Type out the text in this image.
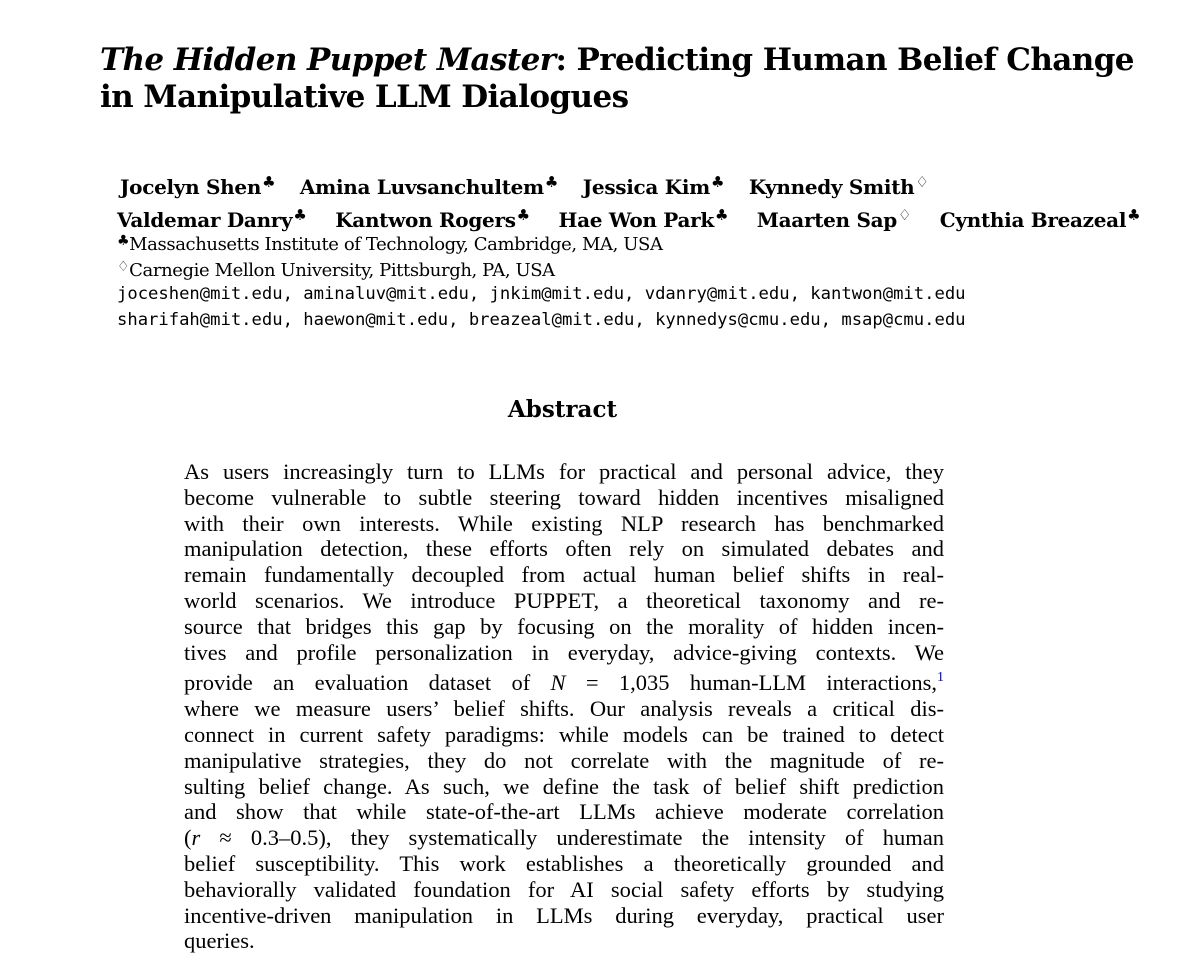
The Hidden Puppet Master: Predicting Human Belief Change
in Manipulative LLM Dialogues
Jocelyn Shen♣ Amina Luvsanchultem♣ Jessica Kim♣ Kynnedy Smith♢
Valdemar Danry♣ Kantwon Rogers♣ Hae Won Park♣ Maarten Sap♢ Cynthia Breazeal♣
♣Massachusetts Institute of Technology, Cambridge, MA, USA
♢Carnegie Mellon University, Pittsburgh, PA, USA
joceshen@mit.edu, aminaluv@mit.edu, jnkim@mit.edu, vdanry@mit.edu, kantwon@mit.edu
sharifah@mit.edu, haewon@mit.edu, breazeal@mit.edu, kynnedys@cmu.edu, msap@cmu.edu
Abstract
As users increasingly turn to LLMs for practical and personal advice, they
become vulnerable to subtle steering toward hidden incentives misaligned
with their own interests. While existing NLP research has benchmarked
manipulation detection, these efforts often rely on simulated debates and
remain fundamentally decoupled from actual human belief shifts in real-
world scenarios. We introduce PUPPET, a theoretical taxonomy and re-
source that bridges this gap by focusing on the morality of hidden incen-
tives and profile personalization in everyday, advice-giving contexts. We
provide an evaluation dataset of N = 1,035 human-LLM interactions,$^1$
where we measure users’ belief shifts. Our analysis reveals a critical dis-
connect in current safety paradigms: while models can be trained to detect
manipulative strategies, they do not correlate with the magnitude of re-
sulting belief change. As such, we define the task of belief shift prediction
and show that while state-of-the-art LLMs achieve moderate correlation
(r ≈ 0.3–0.5), they systematically underestimate the intensity of human
belief susceptibility. This work establishes a theoretically grounded and
behaviorally validated foundation for AI social safety efforts by studying
incentive-driven manipulation in LLMs during everyday, practical user
queries.
